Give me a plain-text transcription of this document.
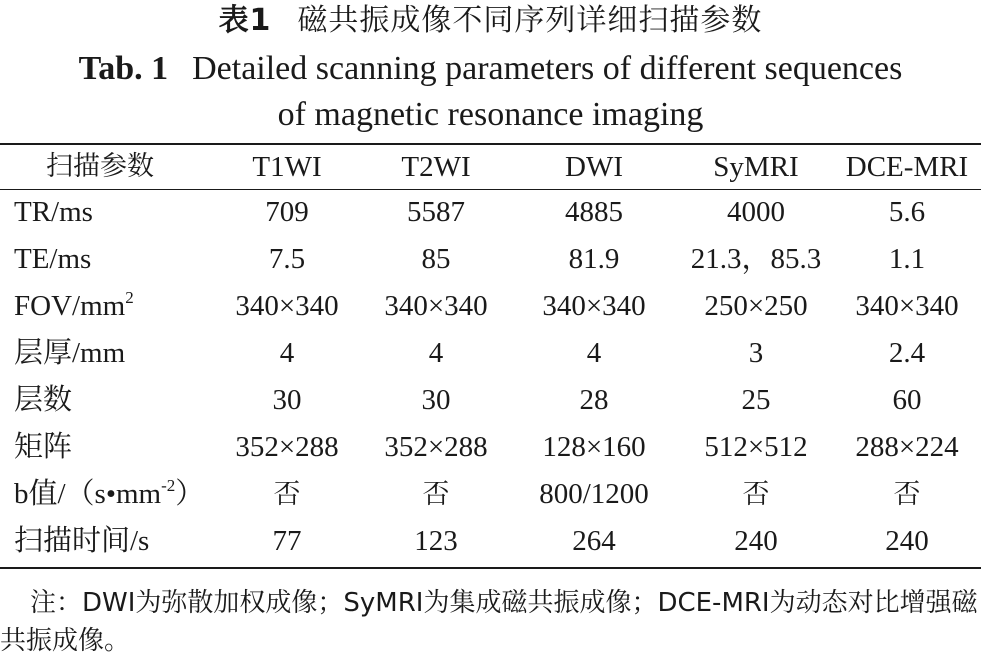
表1 磁共振成像不同序列详细扫描参数
Tab. 1 Detailed scanning parameters of different sequences
of magnetic resonance imaging
扫描参数	T1WI	T2WI	DWI	SyMRI	DCE-MRI
TR/ms	709	5587	4885	4000	5.6
TE/ms	7.5	85	81.9	21.3，85.3	1.1
FOV/$mm^2$	340×340	340×340	340×340	250×250	340×340
层厚/mm	4	4	4	3	2.4
层数	30	30	28	25	60
矩阵	352×288	352×288	128×160	512×512	288×224
b值$/(s•mm^{-2})$	否	否	800/1200	否	否
扫描时间/s	77	123	264	240	240
注：DWI为弥散加权成像；SyMRI为集成磁共振成像；DCE-MRI为动态对比增强磁共振成像。
